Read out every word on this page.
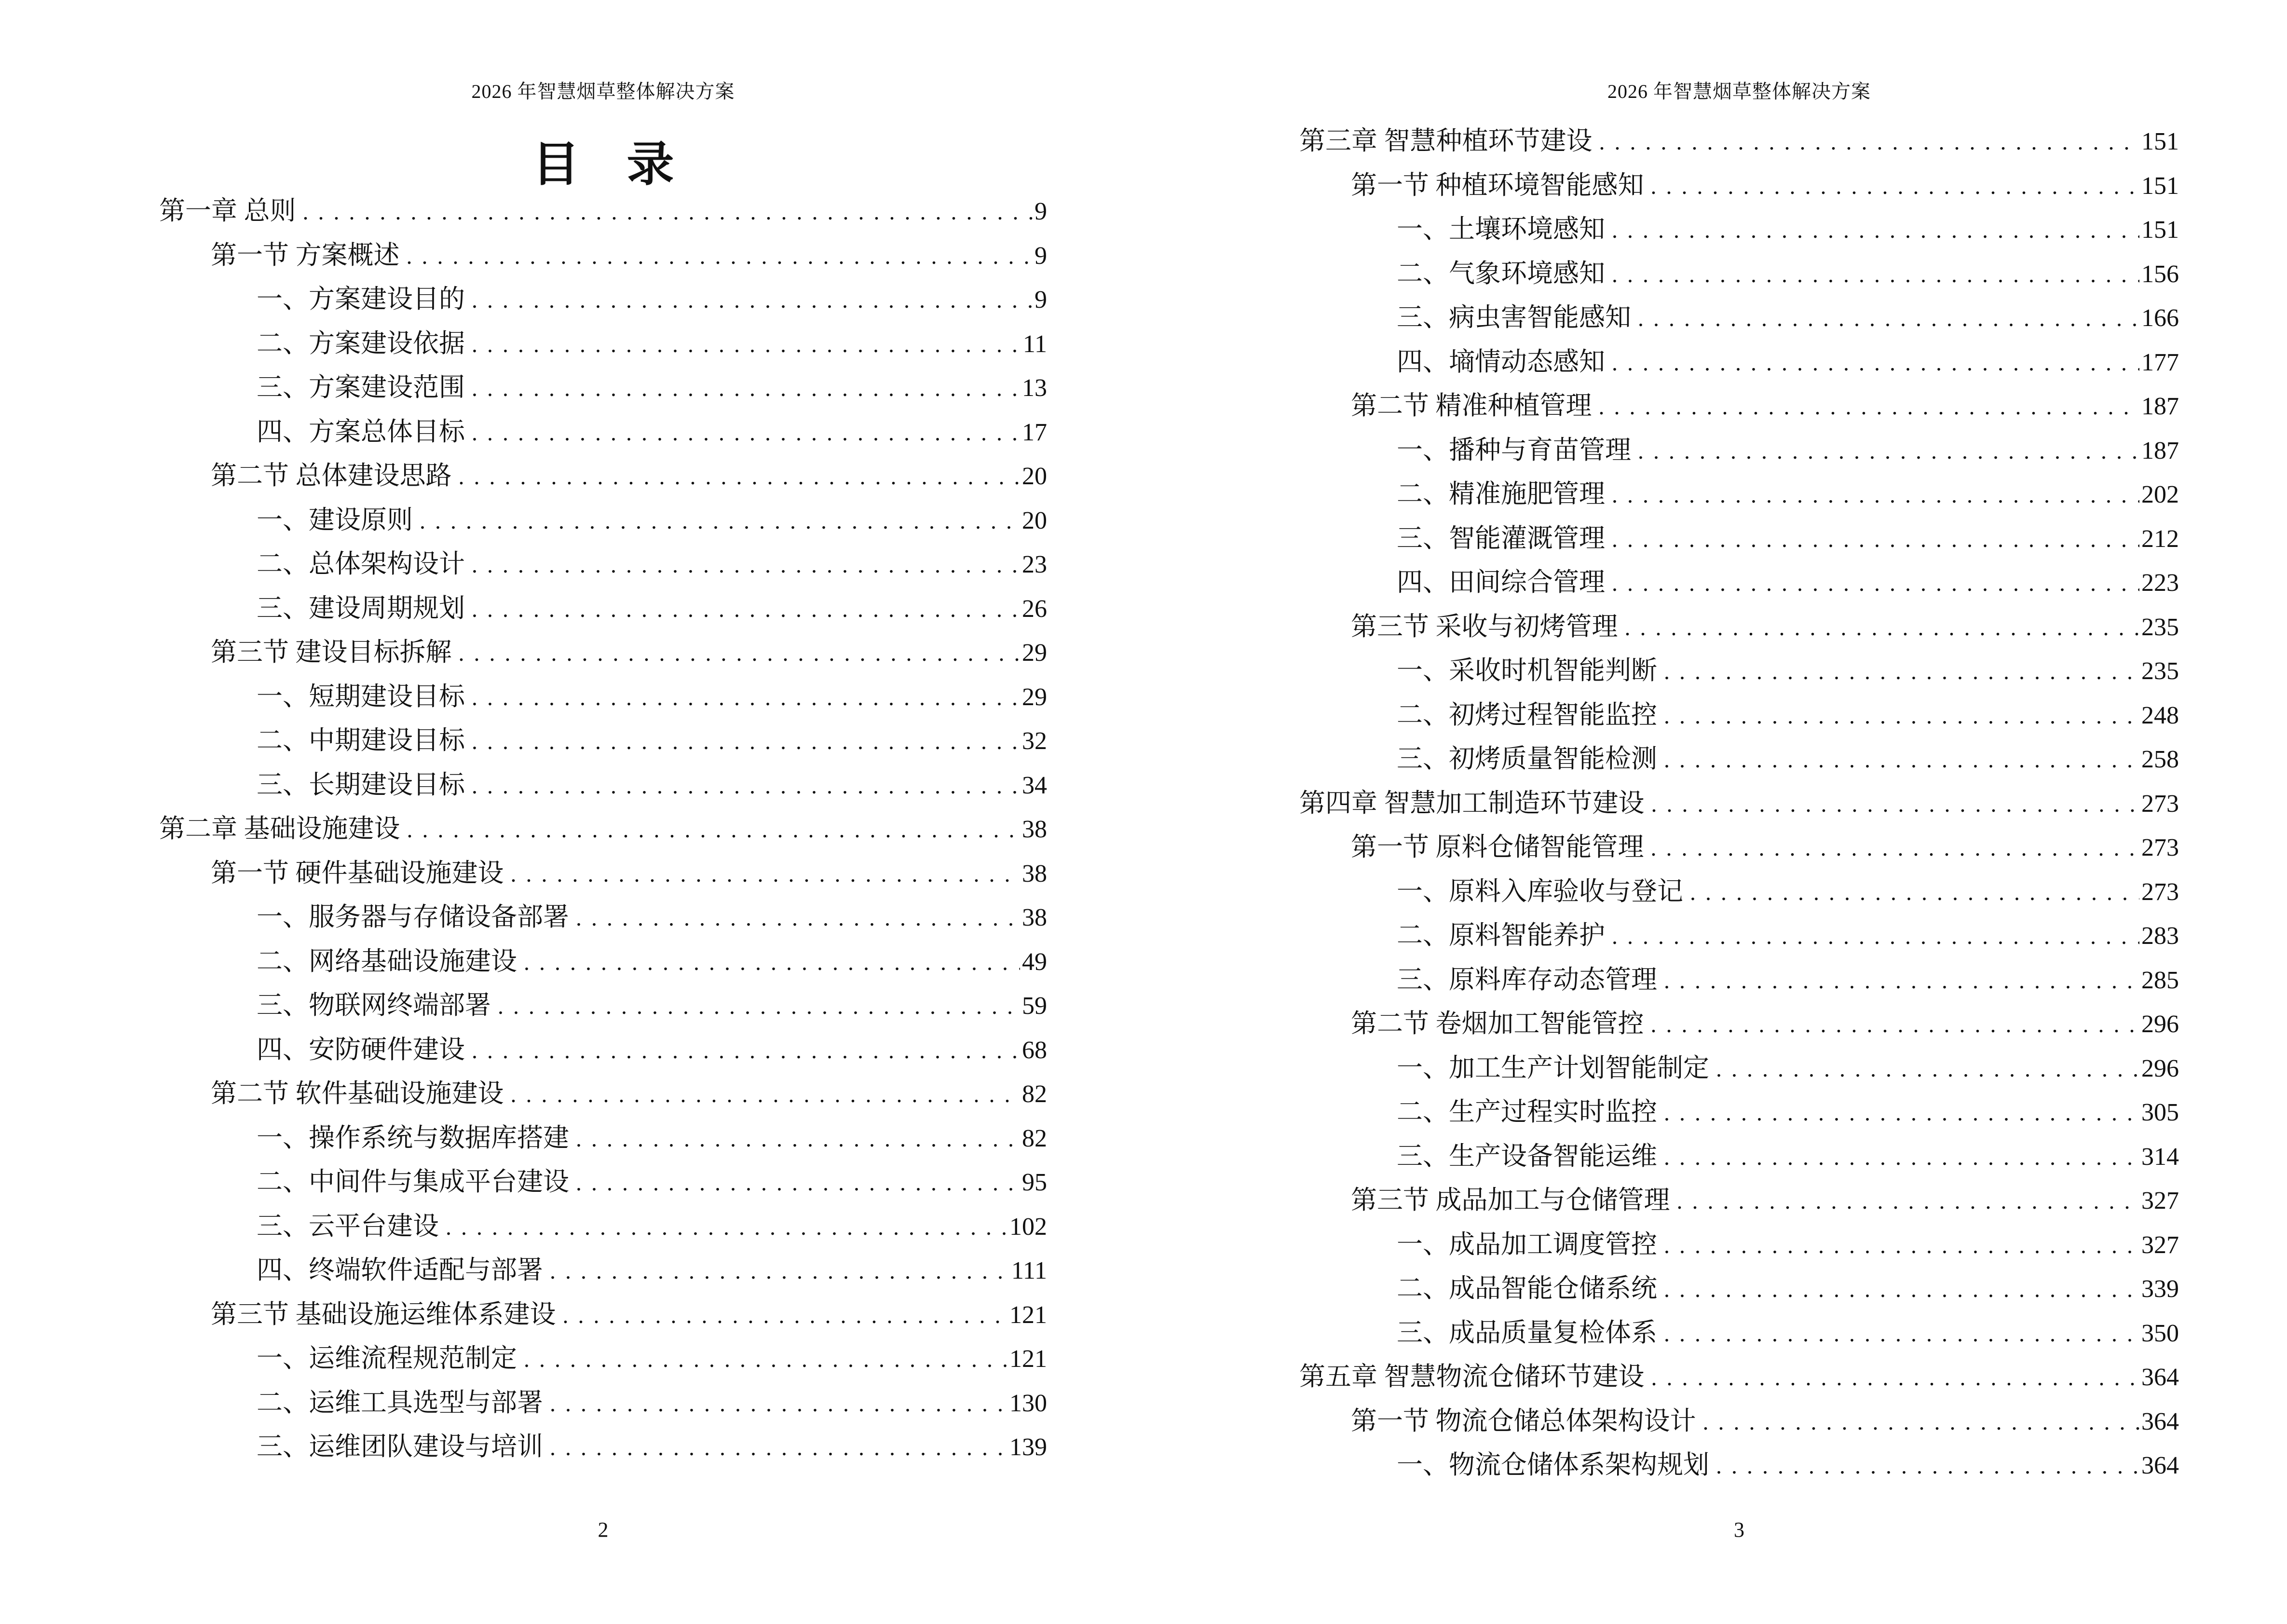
2026 年智慧烟草整体解决方案
目　录
第一章 总则 .....	9
第一节 方案概述 .....	9
一、方案建设目的 .....	9
二、方案建设依据 .....	11
三、方案建设范围 .....	13
四、方案总体目标 .....	17
第二节 总体建设思路 .....	20
一、建设原则 .....	20
二、总体架构设计 .....	23
三、建设周期规划 .....	26
第三节 建设目标拆解 .....	29
一、短期建设目标 .....	29
二、中期建设目标 .....	32
三、长期建设目标 .....	34
第二章 基础设施建设 .....	38
第一节 硬件基础设施建设 .....	38
一、服务器与存储设备部署 .....	38
二、网络基础设施建设 .....	49
三、物联网终端部署 .....	59
四、安防硬件建设 .....	68
第二节 软件基础设施建设 .....	82
一、操作系统与数据库搭建 .....	82
二、中间件与集成平台建设 .....	95
三、云平台建设 .....	102
四、终端软件适配与部署 .....	111
第三节 基础设施运维体系建设 .....	121
一、运维流程规范制定 .....	121
二、运维工具选型与部署 .....	130
三、运维团队建设与培训 .....	139
2
2026 年智慧烟草整体解决方案
第三章 智慧种植环节建设 .....	151
第一节 种植环境智能感知 .....	151
一、土壤环境感知 .....	151
二、气象环境感知 .....	156
三、病虫害智能感知 .....	166
四、墒情动态感知 .....	177
第二节 精准种植管理 .....	187
一、播种与育苗管理 .....	187
二、精准施肥管理 .....	202
三、智能灌溉管理 .....	212
四、田间综合管理 .....	223
第三节 采收与初烤管理 .....	235
一、采收时机智能判断 .....	235
二、初烤过程智能监控 .....	248
三、初烤质量智能检测 .....	258
第四章 智慧加工制造环节建设 .....	273
第一节 原料仓储智能管理 .....	273
一、原料入库验收与登记 .....	273
二、原料智能养护 .....	283
三、原料库存动态管理 .....	285
第二节 卷烟加工智能管控 .....	296
一、加工生产计划智能制定 .....	296
二、生产过程实时监控 .....	305
三、生产设备智能运维 .....	314
第三节 成品加工与仓储管理 .....	327
一、成品加工调度管控 .....	327
二、成品智能仓储系统 .....	339
三、成品质量复检体系 .....	350
第五章 智慧物流仓储环节建设 .....	364
第一节 物流仓储总体架构设计 .....	364
一、物流仓储体系架构规划 .....	364
3
